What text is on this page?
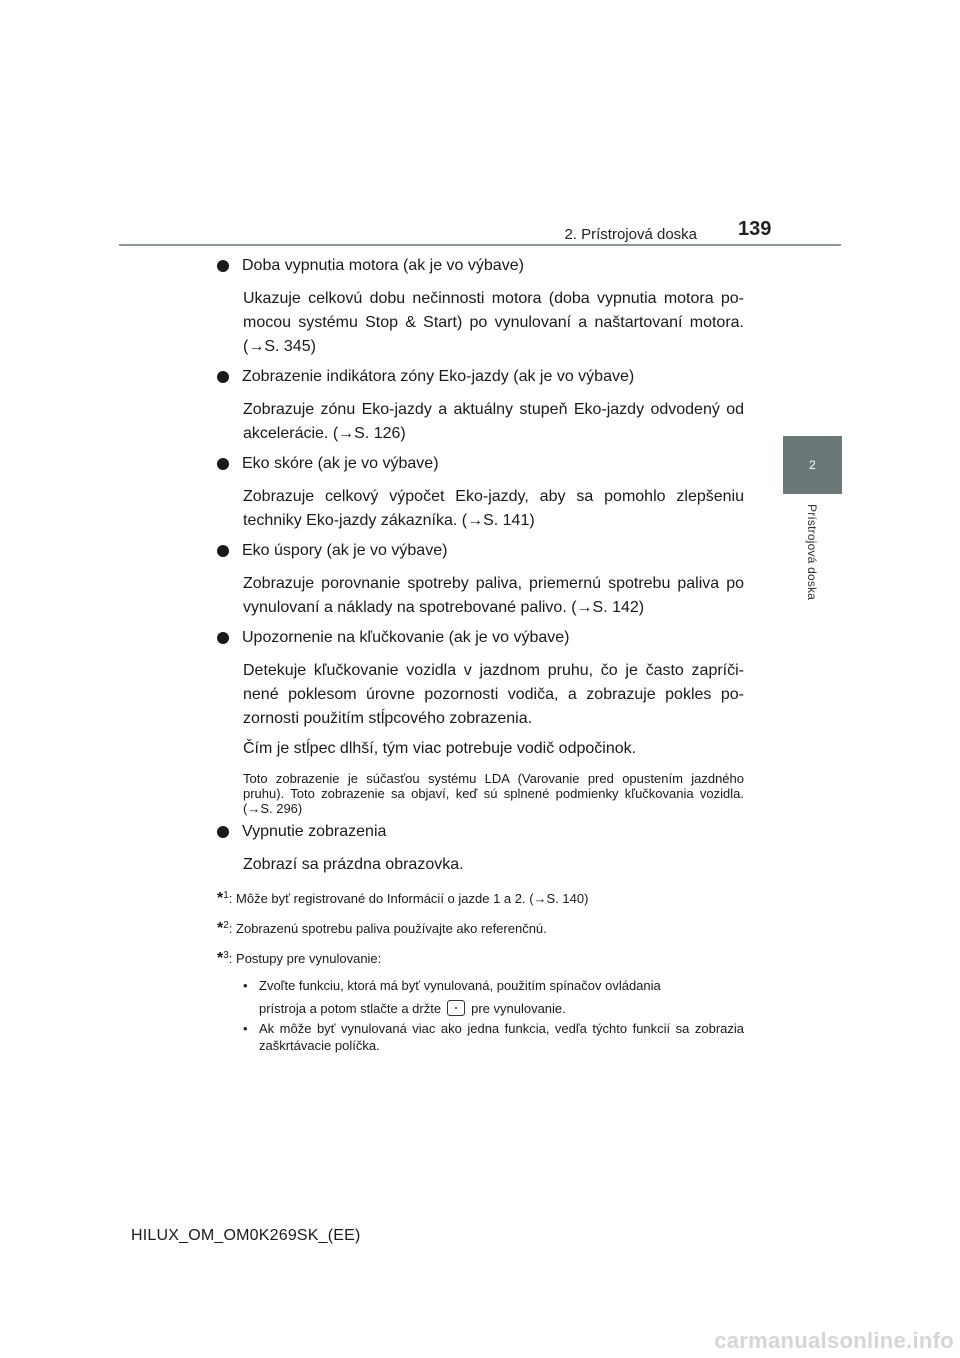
2. Prístrojová doska 139
2
Prístrojová doska
Doba vypnutia motora (ak je vo výbave)
Ukazuje celkovú dobu nečinnosti motora (doba vypnutia motora po-mocou systému Stop & Start) po vynulovaní a naštartovaní motora. (→S. 345)
Zobrazenie indikátora zóny Eko-jazdy (ak je vo výbave)
Zobrazuje zónu Eko-jazdy a aktuálny stupeň Eko-jazdy odvodený od akcelerácie. (→S. 126)
Eko skóre (ak je vo výbave)
Zobrazuje celkový výpočet Eko-jazdy, aby sa pomohlo zlepšeniu techniky Eko-jazdy zákazníka. (→S. 141)
Eko úspory (ak je vo výbave)
Zobrazuje porovnanie spotreby paliva, priemernú spotrebu paliva po vynulovaní a náklady na spotrebované palivo. (→S. 142)
Upozornenie na kľučkovanie (ak je vo výbave)
Detekuje kľučkovanie vozidla v jazdnom pruhu, čo je často zapríči-nené poklesom úrovne pozornosti vodiča, a zobrazuje pokles po-zornosti použitím stĺpcového zobrazenia.
Čím je stĺpec dlhší, tým viac potrebuje vodič odpočinok.
Toto zobrazenie je súčasťou systému LDA (Varovanie pred opustením jazdného pruhu). Toto zobrazenie sa objaví, keď sú splnené podmienky kľučkovania vozidla. (→S. 296)
Vypnutie zobrazenia
Zobrazí sa prázdna obrazovka.
*$^1$: Môže byť registrované do Informácií o jazde 1 a 2. (→S. 140)
*$^2$: Zobrazenú spotrebu paliva používajte ako referenčnú.
*$^3$: Postupy pre vynulovanie:
• Zvoľte funkciu, ktorá má byť vynulovaná, použitím spínačov ovládania
prístroja a potom stlačte a držte pre vynulovanie.
• Ak môže byť vynulovaná viac ako jedna funkcia, vedľa týchto funkcií sa zobrazia zaškrtávacie políčka.
HILUX_OM_OM0K269SK_(EE)
carmanualsonline.info
